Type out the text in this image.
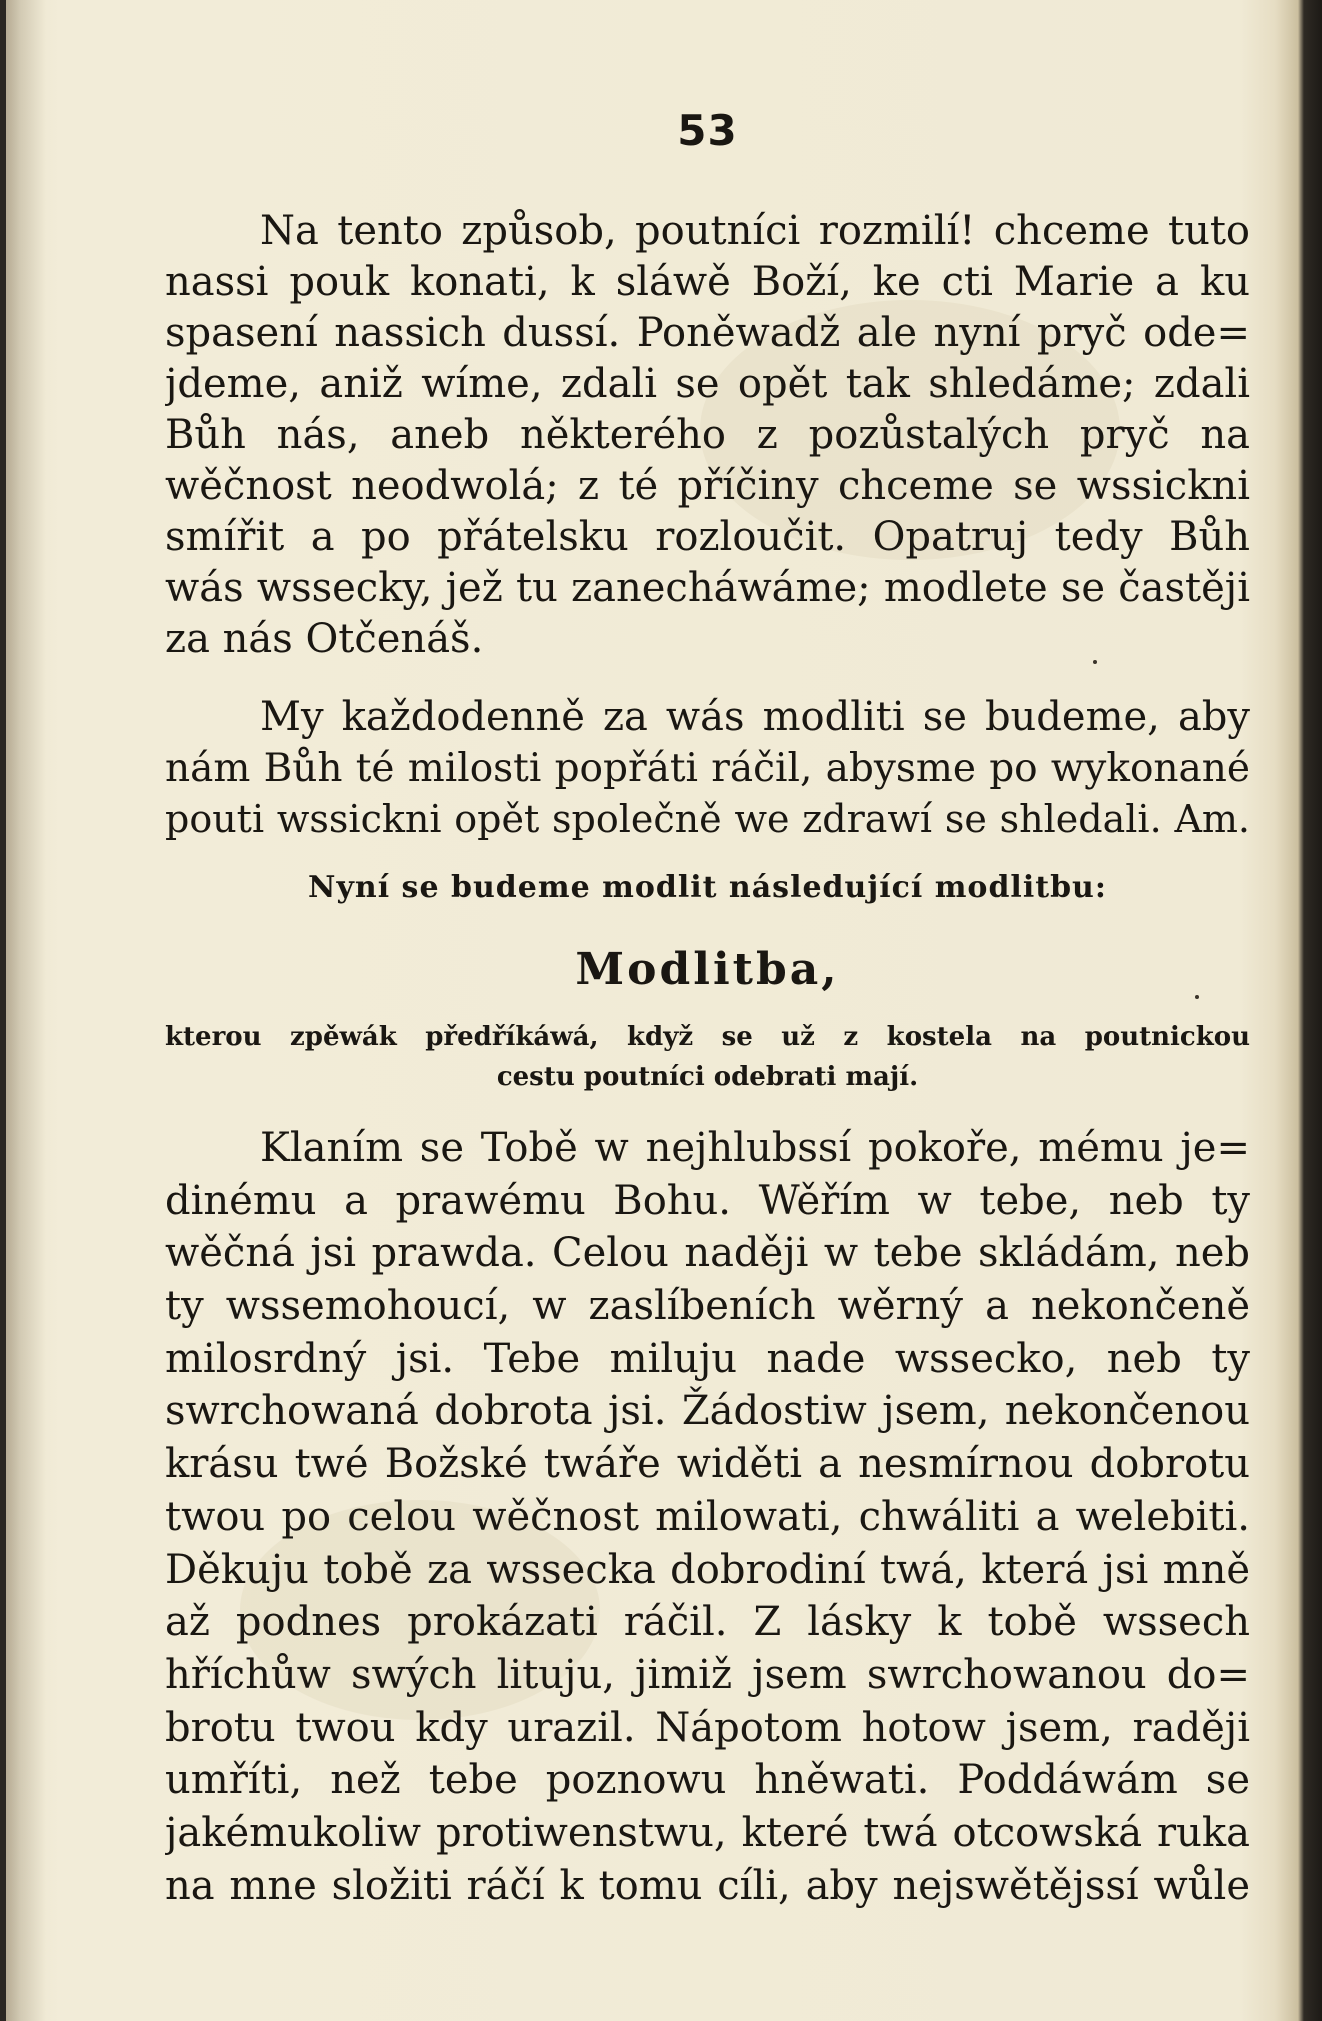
53

Na tento způsob, poutníci rozmilí! chceme tuto
nassi pouk konati, k sláwě Boží, ke cti Marie a ku
spasení nassich dussí. Poněwadž ale nyní pryč ode=
jdeme, aniž wíme, zdali se opět tak shledáme; zdali
Bůh nás, aneb některého z pozůstalých pryč na
wěčnost neodwolá; z té příčiny chceme se wssickni
smířit a po přátelsku rozloučit. Opatruj tedy Bůh
wás wssecky, jež tu zanecháwáme; modlete se častěji
za nás Otčenáš.

My každodenně za wás modliti se budeme, aby
nám Bůh té milosti popřáti ráčil, abysme po wykonané
pouti wssickni opět společně we zdrawí se shledali. Am.

Nyní se budeme modlit následující modlitbu:
Modlitba,
kterou zpěwák předříkáwá, když se už z kostela na poutnickou
cestu poutníci odebrati mají.

Klaním se Tobě w nejhlubssí pokoře, mému je=
dinému a prawému Bohu. Wěřím w tebe, neb ty
wěčná jsi prawda. Celou naději w tebe skládám, neb
ty wssemohoucí, w zaslíbeních wěrný a nekončeně
milosrdný jsi. Tebe miluju nade wssecko, neb ty
swrchowaná dobrota jsi. Žádostiw jsem, nekončenou
krásu twé Božské twáře widěti a nesmírnou dobrotu
twou po celou wěčnost milowati, chwáliti a welebiti.
Děkuju tobě za wssecka dobrodiní twá, která jsi mně
až podnes prokázati ráčil. Z lásky k tobě wssech
hříchůw swých lituju, jimiž jsem swrchowanou do=
brotu twou kdy urazil. Nápotom hotow jsem, raději
umříti, než tebe poznowu hněwati. Poddáwám se
jakémukoliw protiwenstwu, které twá otcowská ruka
na mne složiti ráčí k tomu cíli, aby nejswětějssí wůle
